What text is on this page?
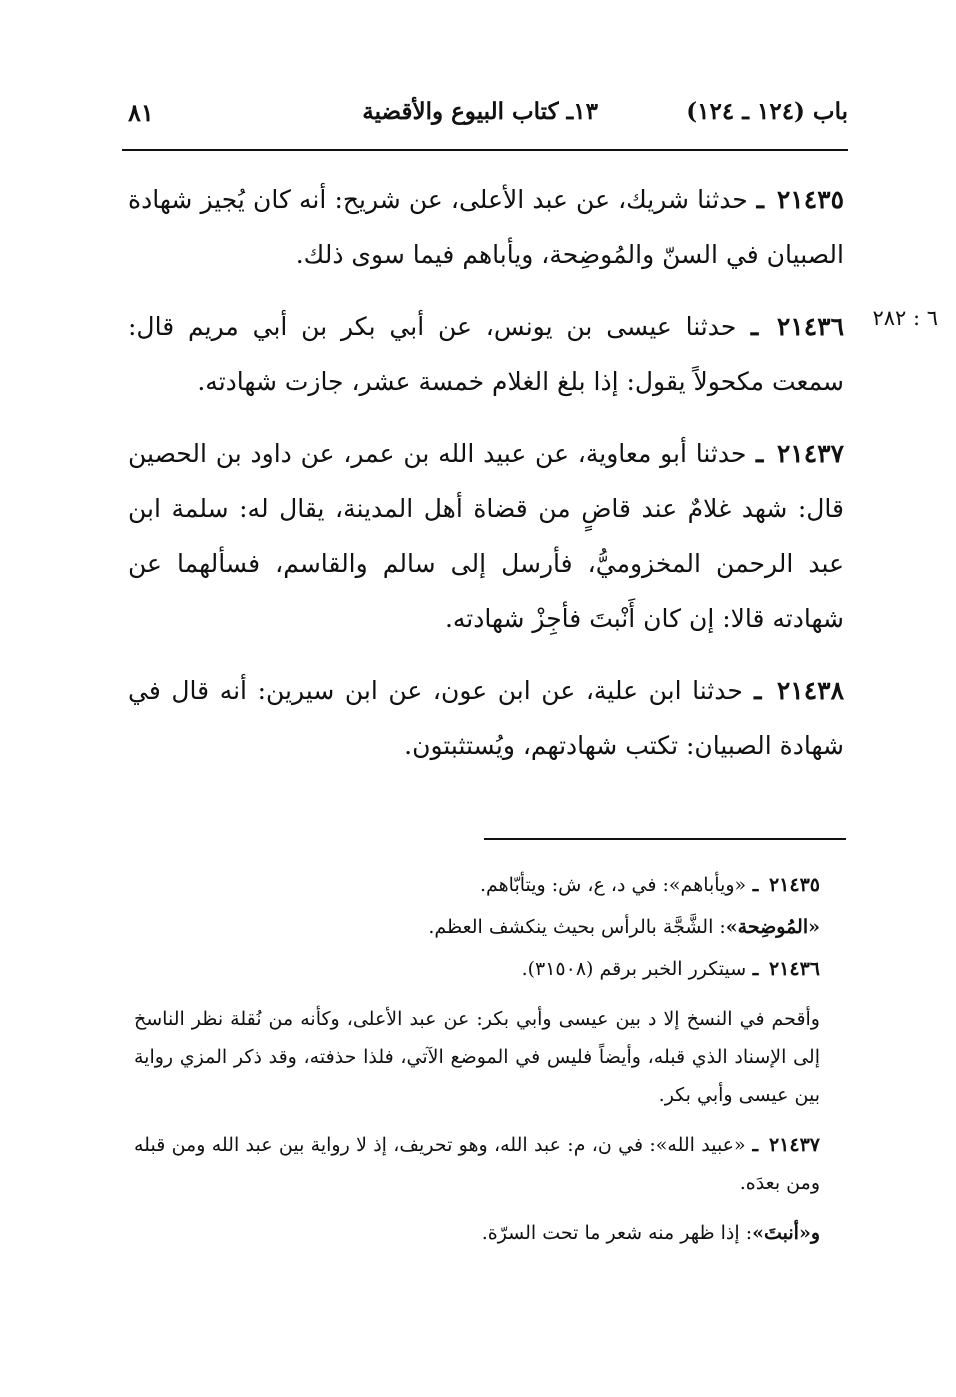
باب (١٢٤ ـ ١٢٤)
١٣ـ كتاب البيوع والأقضية
٨١
٦ : ٢٨٢

٢١٤٣٥ ـ حدثنا شريك، عن عبد الأعلى، عن شريح: أنه كان يُجيز شهادة الصبيان في السنّ والمُوضِحة، ويأباهم فيما سوى ذلك.

٢١٤٣٦ ـ حدثنا عيسى بن يونس، عن أبي بكر بن أبي مريم قال: سمعت مكحولاً يقول: إذا بلغ الغلام خمسة عشر، جازت شهادته.

٢١٤٣٧ ـ حدثنا أبو معاوية، عن عبيد الله بن عمر، عن داود بن الحصين قال: شهد غلامٌ عند قاضٍ من قضاة أهل المدينة، يقال له: سلمة ابن عبد الرحمن المخزوميُّ، فأرسل إلى سالم والقاسم، فسألهما عن شهادته قالا: إن كان أَنْبتَ فأجِزْ شهادته.

٢١٤٣٨ ـ حدثنا ابن علية، عن ابن عون، عن ابن سيرين: أنه قال في شهادة الصبيان: تكتب شهادتهم، ويُستثبتون.

٢١٤٣٥ ـ «ويأباهم»: في د، ع، ش: ويتأبّاهم.

«المُوضِحة»: الشَّجَّة بالرأس بحيث ينكشف العظم.

٢١٤٣٦ ـ سيتكرر الخبر برقم (٣١٥٠٨).

وأقحم في النسخ إلا د بين عيسى وأبي بكر: عن عبد الأعلى، وكأنه من نُقلة نظر الناسخ إلى الإسناد الذي قبله، وأيضاً فليس في الموضع الآتي، فلذا حذفته، وقد ذكر المزي رواية بين عيسى وأبي بكر.

٢١٤٣٧ ـ «عبيد الله»: في ن، م: عبد الله، وهو تحريف، إذ لا رواية بين عبد الله ومن قبله ومن بعدَه.

و«أنبتَ»: إذا ظهر منه شعر ما تحت السرّة.
